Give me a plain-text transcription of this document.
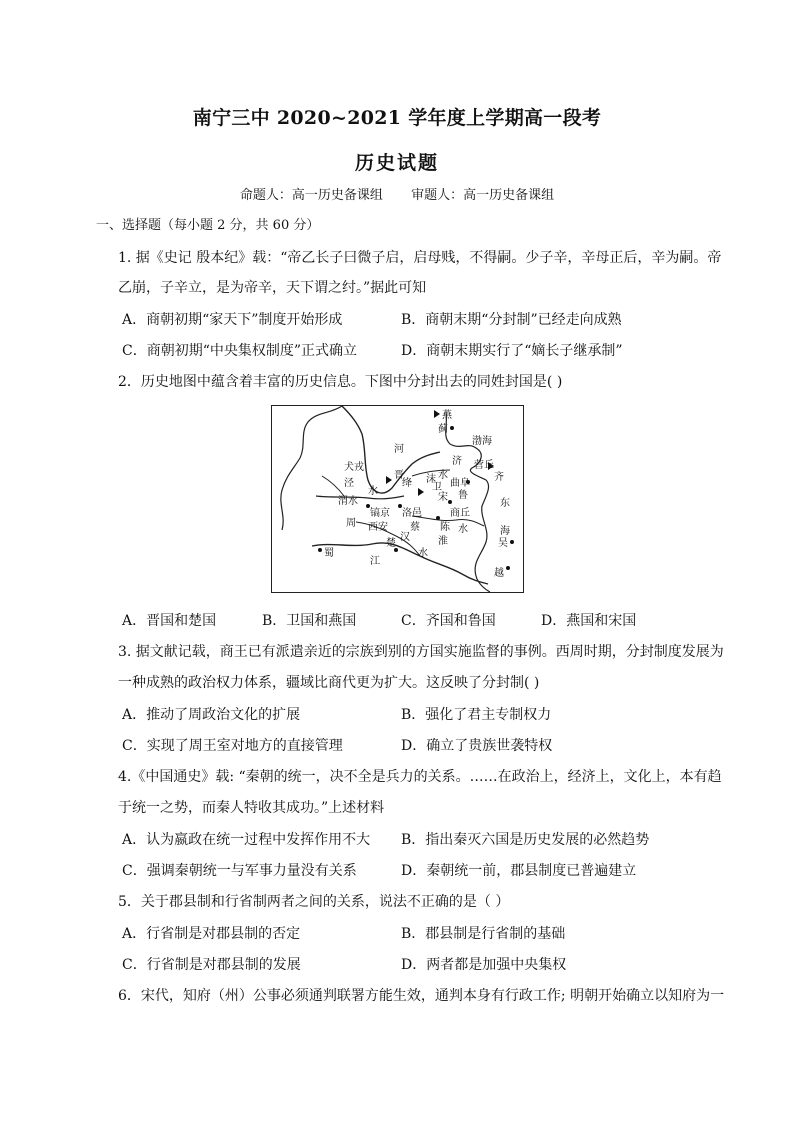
南宁三中 2020~2021 学年度上学期高一段考
历史试题
命题人：高一历史备课组 审题人：高一历史备课组
一、选择题（每小题 2 分，共 60 分）
1. 据《史记 殷本纪》载：“帝乙长子曰微子启，启母贱，不得嗣。少子辛，辛母正后，辛为嗣。帝
乙崩，子辛立，是为帝辛，天下谓之纣。”据此可知
A．商朝初期“家天下”制度开始形成	B．商朝末期“分封制”已经走向成熟
C．商朝初期“中央集权制度”正式确立	D．商朝末期实行了“嫡长子继承制”
2．历史地图中蕴含着丰富的历史信息。下图中分封出去的同姓封国是( )
燕
蓟
渤海
河
犬戎
晋
绛
济 营丘
齐
水
曲阜
鲁
泾
渭水
水	卫
沫
宋
东
海
镐京 洛邑	商丘
周 西安 蔡 陈
淮
水
汉
蜀
楚
江
水
吴
越
A．晋国和楚国	B．卫国和燕国	C．齐国和鲁国	D．燕国和宋国
3. 据文献记载，商王已有派遣亲近的宗族到别的方国实施监督的事例。西周时期，分封制度发展为
一种成熟的政治权力体系，疆域比商代更为扩大。这反映了分封制( )
A．推动了周政治文化的扩展	B．强化了君主专制权力
C．实现了周王室对地方的直接管理	D．确立了贵族世袭特权
4.《中国通史》载: “秦朝的统一，决不全是兵力的关系。……在政治上，经济上，文化上，本有趋
于统一之势，而秦人特收其成功。”上述材料
A．认为嬴政在统一过程中发挥作用不大 B．指出秦灭六国是历史发展的必然趋势
C．强调秦朝统一与军事力量没有关系	D．秦朝统一前，郡县制度已普遍建立
5．关于郡县制和行省制两者之间的关系，说法不正确的是（ ）
A．行省制是对郡县制的否定	B．郡县制是行省制的基础
C．行省制是对郡县制的发展	D．两者都是加强中央集权
6．宋代，知府（州）公事必须通判联署方能生效，通判本身有行政工作; 明朝开始确立以知府为一
